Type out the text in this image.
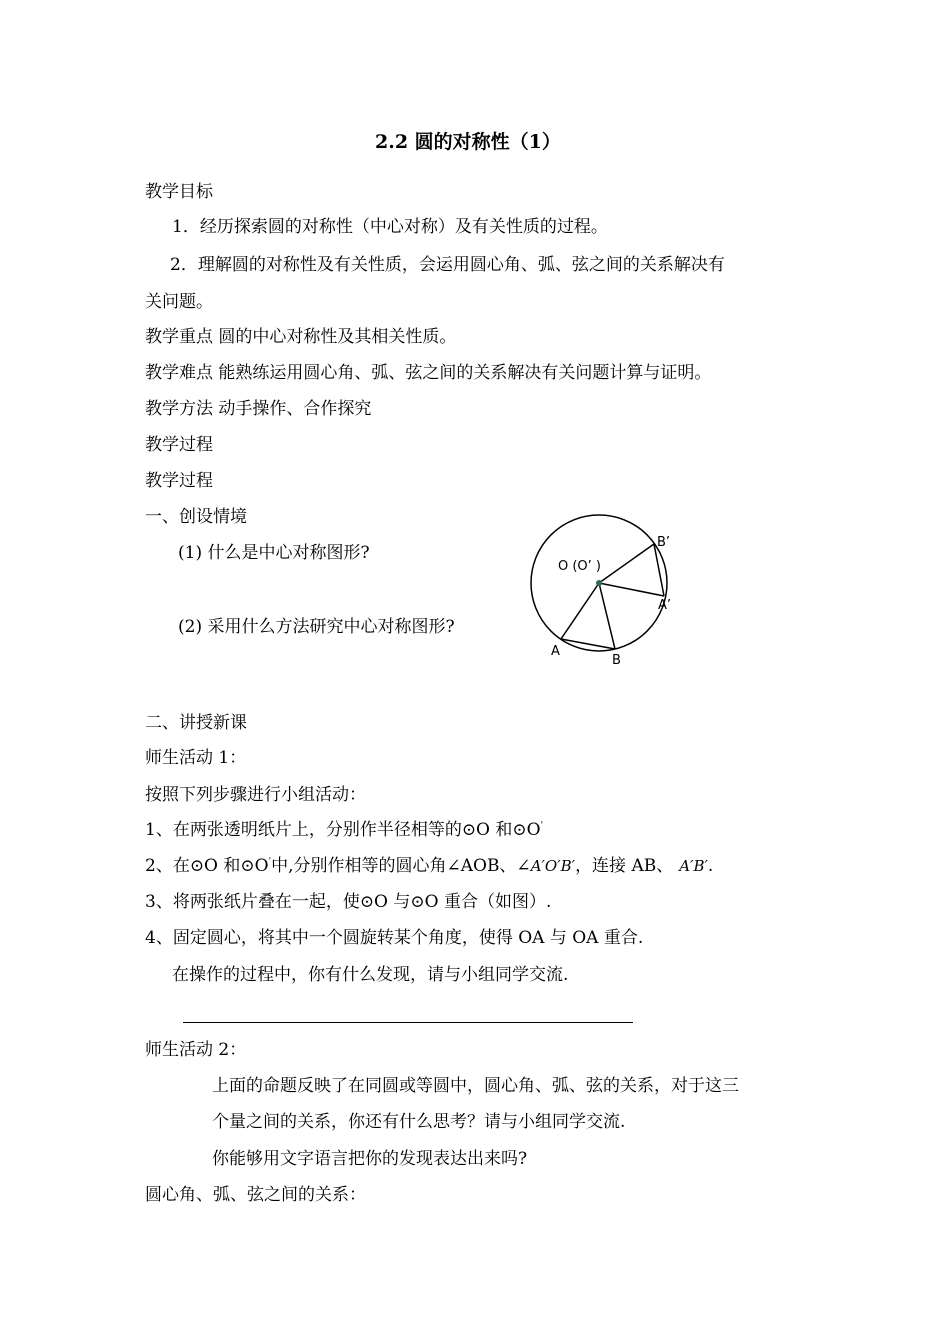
2.2 圆的对称性（1）
教学目标
1．经历探索圆的对称性（中心对称）及有关性质的过程。
2．理解圆的对称性及有关性质，会运用圆心角、弧、弦之间的关系解决有
关问题。
教学重点 圆的中心对称性及其相关性质。
教学难点 能熟练运用圆心角、弧、弦之间的关系解决有关问题计算与证明。
教学方法 动手操作、合作探究
教学过程
教学过程
一、创设情境
(1) 什么是中心对称图形?
(2) 采用什么方法研究中心对称图形?
O (O’ )
B’
A’
A
B
二、讲授新课
师生活动 1：
按照下列步骤进行小组活动：
1、在两张透明纸片上，分别作半径相等的⊙O 和⊙O'
2、在⊙O 和⊙O'中,分别作相等的圆心角∠AOB、∠A′O′B′，连接 AB、 A′B′.
3、将两张纸片叠在一起，使⊙O 与⊙O 重合（如图）.
4、固定圆心，将其中一个圆旋转某个角度，使得 OA 与 OA 重合.
在操作的过程中，你有什么发现，请与小组同学交流.
师生活动 2：
上面的命题反映了在同圆或等圆中，圆心角、弧、弦的关系，对于这三
个量之间的关系，你还有什么思考？请与小组同学交流.
你能够用文字语言把你的发现表达出来吗?
圆心角、弧、弦之间的关系：
